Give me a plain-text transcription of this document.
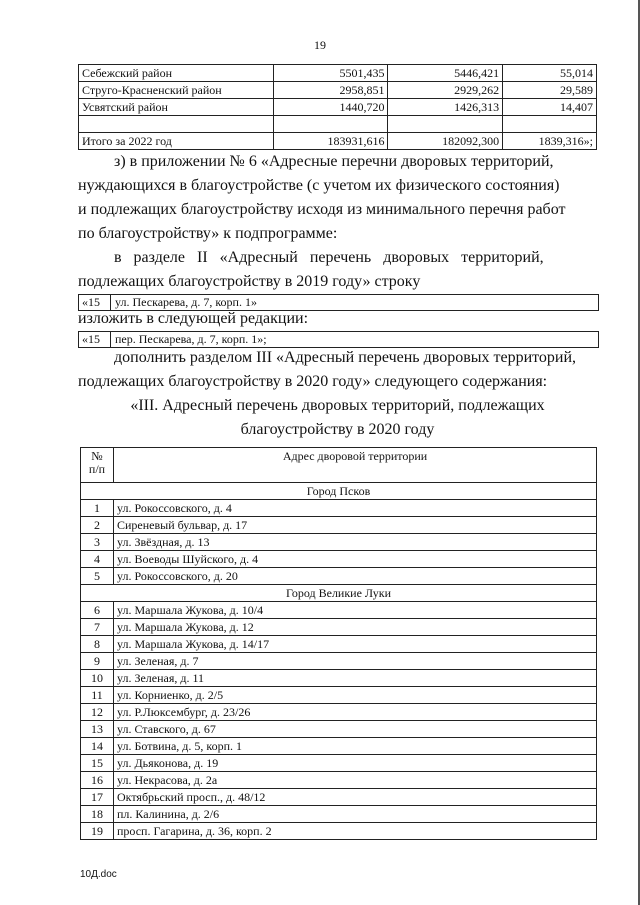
19
Себежский район	5501,435	5446,421	55,014
Струго-Красненский район	2958,851	2929,262	29,589
Усвятский район	1440,720	1426,313	14,407

Итого за 2022 год	183931,616	182092,300	1839,316»;
з) в приложении № 6 «Адресные перечни дворовых территорий,
нуждающихся в благоустройстве (с учетом их физического состояния)
и подлежащих благоустройству исходя из минимального перечня работ
по благоустройству» к подпрограмме:
в   разделе   II   «Адресный   перечень   дворовых   территорий,
подлежащих благоустройству в 2019 году» строку
«15 ул. Пескарева, д. 7, корп. 1»
изложить в следующей редакции:
«15 пер. Пескарева, д. 7, корп. 1»;
дополнить разделом III «Адресный перечень дворовых территорий,
подлежащих благоустройству в 2020 году» следующего содержания:
«III. Адресный перечень дворовых территорий, подлежащих
благоустройству в 2020 году
№
п/п	Адрес дворовой территории
Город Псков	
1	ул. Рокоссовского, д. 4
2	Сиреневый бульвар, д. 17
3	ул. Звёздная, д. 13
4	ул. Воеводы Шуйского, д. 4
5	ул. Рокоссовского, д. 20
Город Великие Луки	
6	ул. Маршала Жукова, д. 10/4
7	ул. Маршала Жукова, д. 12
8	ул. Маршала Жукова, д. 14/17
9	ул. Зеленая, д. 7
10	ул. Зеленая, д. 11
11	ул. Корниенко, д. 2/5
12	ул. Р.Люксембург, д. 23/26
13	ул. Ставского, д. 67
14	ул. Ботвина, д. 5, корп. 1
15	ул. Дьяконова, д. 19
16	ул. Некрасова, д. 2а
17	Октябрьский просп., д. 48/12
18	пл. Калинина, д. 2/6
19	просп. Гагарина, д. 36, корп. 2
10Д.doc
